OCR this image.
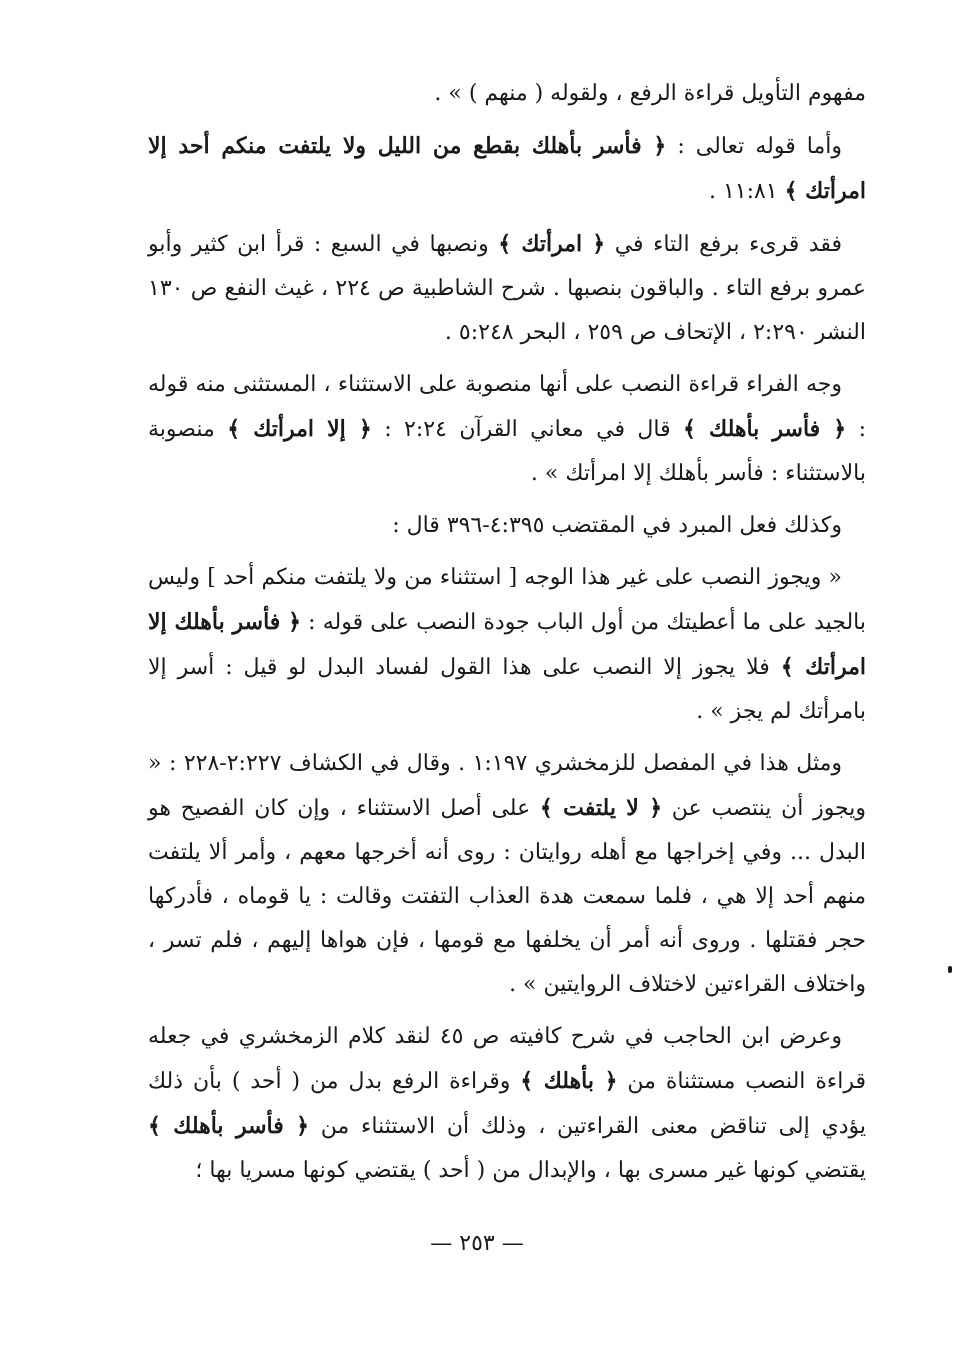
مفهوم التأويل قراءة الرفع ، ولقوله ( منهم ) » .

وأما قوله تعالى : ﴿ فأسر بأهلك بقطع من الليل ولا يلتفت منكم أحد إلا امرأتك ﴾ ١١:٨١ .

فقد قرىء برفع التاء في ﴿ امرأتك ﴾ ونصبها في السبع : قرأ ابن كثير وأبو عمرو برفع التاء . والباقون بنصبها . شرح الشاطبية ص ٢٢٤ ، غيث النفع ص ١٣٠ النشر ٢:٢٩٠ ، الإتحاف ص ٢٥٩ ، البحر ٥:٢٤٨ .

وجه الفراء قراءة النصب على أنها منصوبة على الاستثناء ، المستثنى منه قوله : ﴿ فأسر بأهلك ﴾ قال في معاني القرآن ٢:٢٤ : ﴿ إلا امرأتك ﴾ منصوبة بالاستثناء : فأسر بأهلك إلا امرأتك » .

وكذلك فعل المبرد في المقتضب ٤:٣٩٥-٣٩٦ قال :

« ويجوز النصب على غير هذا الوجه [ استثناء من ولا يلتفت منكم أحد ] وليس بالجيد على ما أعطيتك من أول الباب جودة النصب على قوله : ﴿ فأسر بأهلك إلا امرأتك ﴾ فلا يجوز إلا النصب على هذا القول لفساد البدل لو قيل : أسر إلا بامرأتك لم يجز » .

ومثل هذا في المفصل للزمخشري ١:١٩٧ . وقال في الكشاف ٢:٢٢٧-٢٢٨ : « ويجوز أن ينتصب عن ﴿ لا يلتفت ﴾ على أصل الاستثناء ، وإن كان الفصيح هو البدل ... وفي إخراجها مع أهله روايتان : روى أنه أخرجها معهم ، وأمر ألا يلتفت منهم أحد إلا هي ، فلما سمعت هدة العذاب التفتت وقالت : يا قوماه ، فأدركها حجر فقتلها . وروى أنه أمر أن يخلفها مع قومها ، فإن هواها إليهم ، فلم تسر ، واختلاف القراءتين لاختلاف الروايتين » .

وعرض ابن الحاجب في شرح كافيته ص ٤٥ لنقد كلام الزمخشري في جعله قراءة النصب مستثناة من ﴿ بأهلك ﴾ وقراءة الرفع بدل من ( أحد ) بأن ذلك يؤدي إلى تناقض معنى القراءتين ، وذلك أن الاستثناء من ﴿ فأسر بأهلك ﴾ يقتضي كونها غير مسرى بها ، والإبدال من ( أحد ) يقتضي كونها مسريا بها ؛

— ٢٥٣ —
